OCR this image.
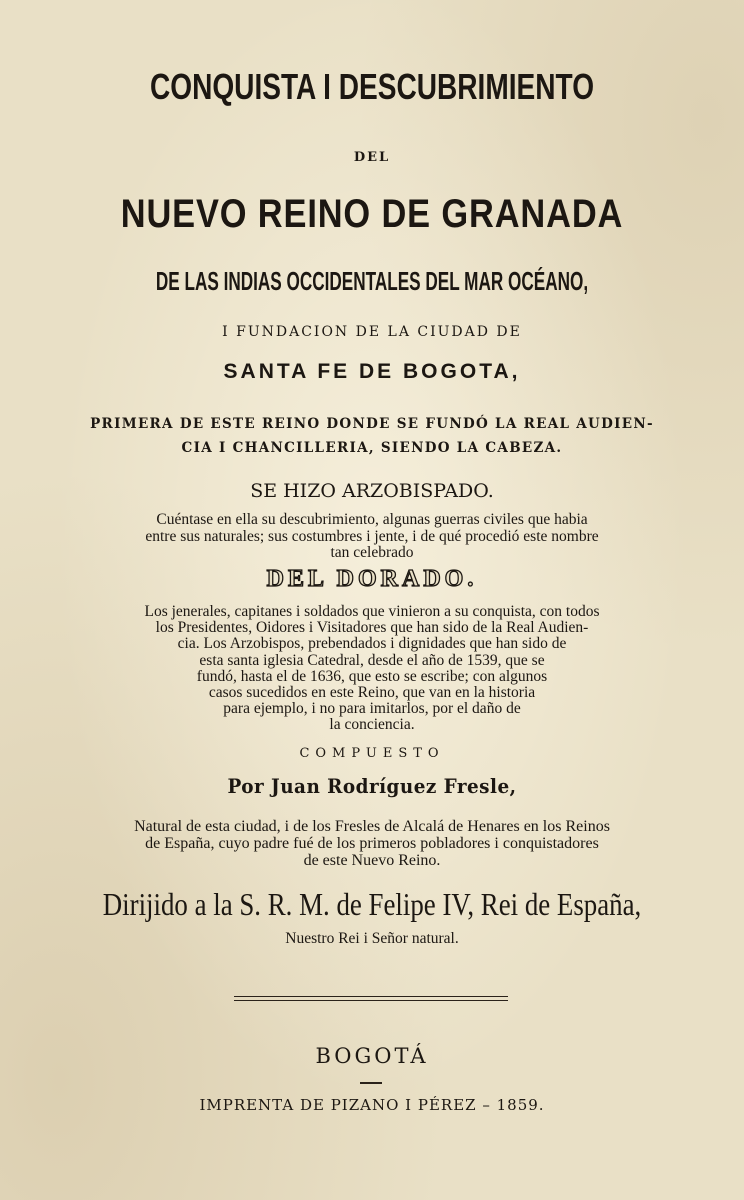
CONQUISTA I DESCUBRIMIENTO
DEL
NUEVO REINO DE GRANADA
DE LAS INDIAS OCCIDENTALES DEL MAR OCÉANO,
I FUNDACION DE LA CIUDAD DE
SANTA FE DE BOGOTA,
PRIMERA DE ESTE REINO DONDE SE FUNDÓ LA REAL AUDIEN-
CIA I CHANCILLERIA, SIENDO LA CABEZA.
SE HIZO ARZOBISPADO.
Cuéntase en ella su descubrimiento, algunas guerras civiles que habia
entre sus naturales; sus costumbres i jente, i de qué procedió este nombre
tan celebrado
DEL DORADO.
Los jenerales, capitanes i soldados que vinieron a su conquista, con todos
los Presidentes, Oidores i Visitadores que han sido de la Real Audien-
cia. Los Arzobispos, prebendados i dignidades que han sido de
esta santa iglesia Catedral, desde el año de 1539, que se
fundó, hasta el de 1636, que esto se escribe; con algunos
casos sucedidos en este Reino, que van en la historia
para ejemplo, i no para imitarlos, por el daño de
la conciencia.
COMPUESTO
Por Juan Rodríguez Fresle,
Natural de esta ciudad, i de los Fresles de Alcalá de Henares en los Reinos
de España, cuyo padre fué de los primeros pobladores i conquistadores
de este Nuevo Reino.
Dirijido a la S. R. M. de Felipe IV, Rei de España,
Nuestro Rei i Señor natural.
BOGOTÁ
IMPRENTA DE PIZANO I PÉREZ – 1859.
